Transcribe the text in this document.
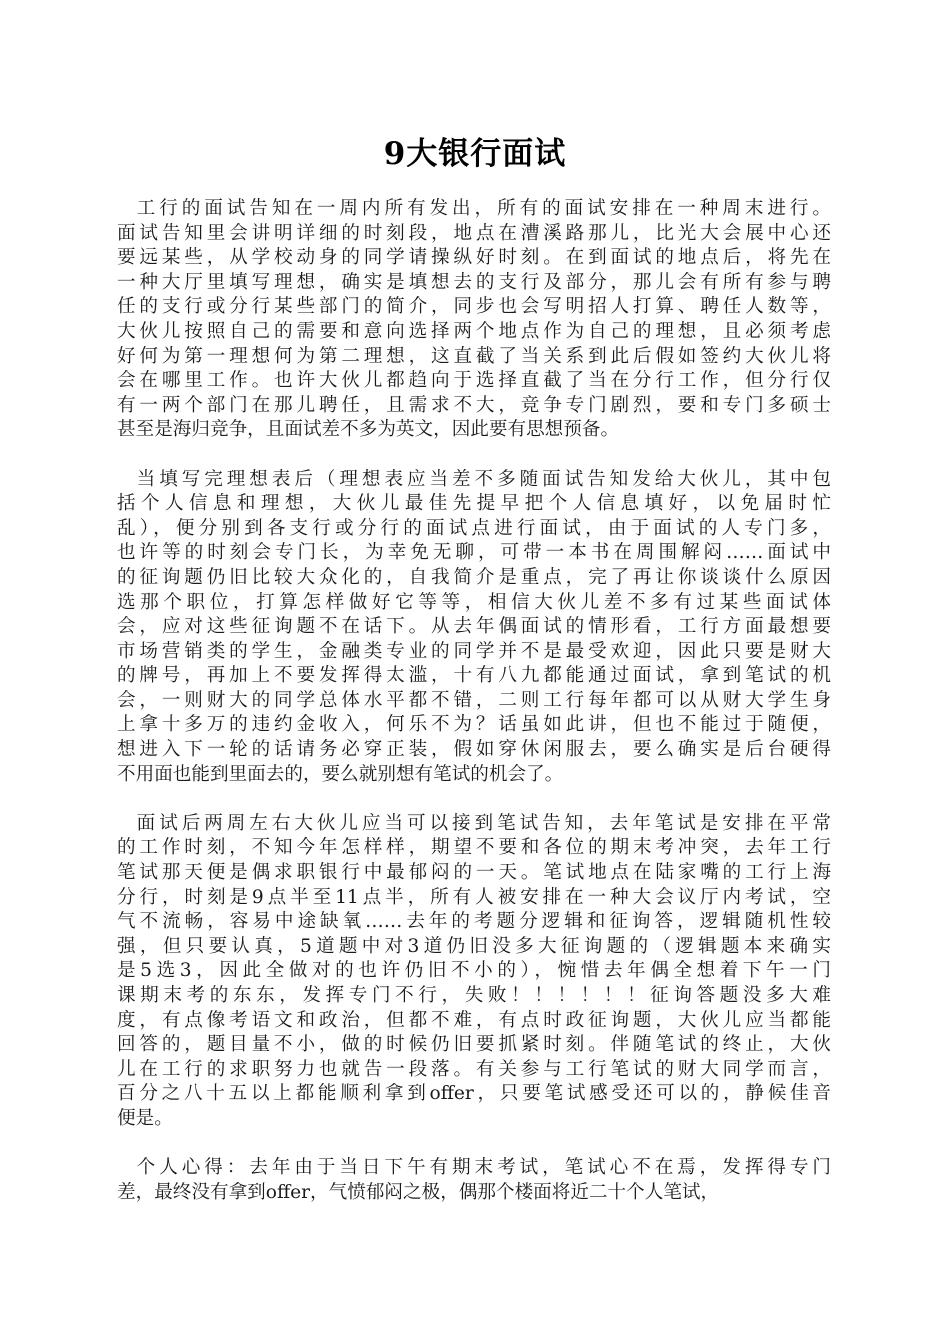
9大银行面试
工行的面试告知在一周内所有发出，所有的面试安排在一种周末进行。
面试告知里会讲明详细的时刻段，地点在漕溪路那儿，比光大会展中心还
要远某些，从学校动身的同学请操纵好时刻。在到面试的地点后，将先在
一种大厅里填写理想，确实是填想去的支行及部分，那儿会有所有参与聘
任的支行或分行某些部门的简介，同步也会写明招人打算、聘任人数等，
大伙儿按照自己的需要和意向选择两个地点作为自己的理想，且必须考虑
好何为第一理想何为第二理想，这直截了当关系到此后假如签约大伙儿将
会在哪里工作。也许大伙儿都趋向于选择直截了当在分行工作，但分行仅
有一两个部门在那儿聘任，且需求不大，竞争专门剧烈，要和专门多硕士
甚至是海归竞争，且面试差不多为英文，因此要有思想预备。
当填写完理想表后（理想表应当差不多随面试告知发给大伙儿，其中包
括个人信息和理想，大伙儿最佳先提早把个人信息填好，以免届时忙
乱），便分别到各支行或分行的面试点进行面试，由于面试的人专门多，
也许等的时刻会专门长，为幸免无聊，可带一本书在周围解闷……面试中
的征询题仍旧比较大众化的，自我简介是重点，完了再让你谈谈什么原因
选那个职位，打算怎样做好它等等，相信大伙儿差不多有过某些面试体
会，应对这些征询题不在话下。从去年偶面试的情形看，工行方面最想要
市场营销类的学生，金融类专业的同学并不是最受欢迎，因此只要是财大
的牌号，再加上不要发挥得太滥，十有八九都能通过面试，拿到笔试的机
会，一则财大的同学总体水平都不错，二则工行每年都可以从财大学生身
上拿十多万的违约金收入，何乐不为？话虽如此讲，但也不能过于随便，
想进入下一轮的话请务必穿正装，假如穿休闲服去，要么确实是后台硬得
不用面也能到里面去的，要么就别想有笔试的机会了。
面试后两周左右大伙儿应当可以接到笔试告知，去年笔试是安排在平常
的工作时刻，不知今年怎样样，期望不要和各位的期末考冲突，去年工行
笔试那天便是偶求职银行中最郁闷的一天。笔试地点在陆家嘴的工行上海
分行，时刻是9点半至11点半，所有人被安排在一种大会议厅内考试，空
气不流畅，容易中途缺氧……去年的考题分逻辑和征询答，逻辑随机性较
强，但只要认真，5道题中对3道仍旧没多大征询题的（逻辑题本来确实
是5选3，因此全做对的也许仍旧不小的），惋惜去年偶全想着下午一门
课期末考的东东，发挥专门不行，失败！！！！！！征询答题没多大难
度，有点像考语文和政治，但都不难，有点时政征询题，大伙儿应当都能
回答的，题目量不小，做的时候仍旧要抓紧时刻。伴随笔试的终止，大伙
儿在工行的求职努力也就告一段落。有关参与工行笔试的财大同学而言，
百分之八十五以上都能顺利拿到offer，只要笔试感受还可以的，静候佳音
便是。
个人心得：去年由于当日下午有期末考试，笔试心不在焉，发挥得专门
差，最终没有拿到offer，气愤郁闷之极，偶那个楼面将近二十个人笔试，
